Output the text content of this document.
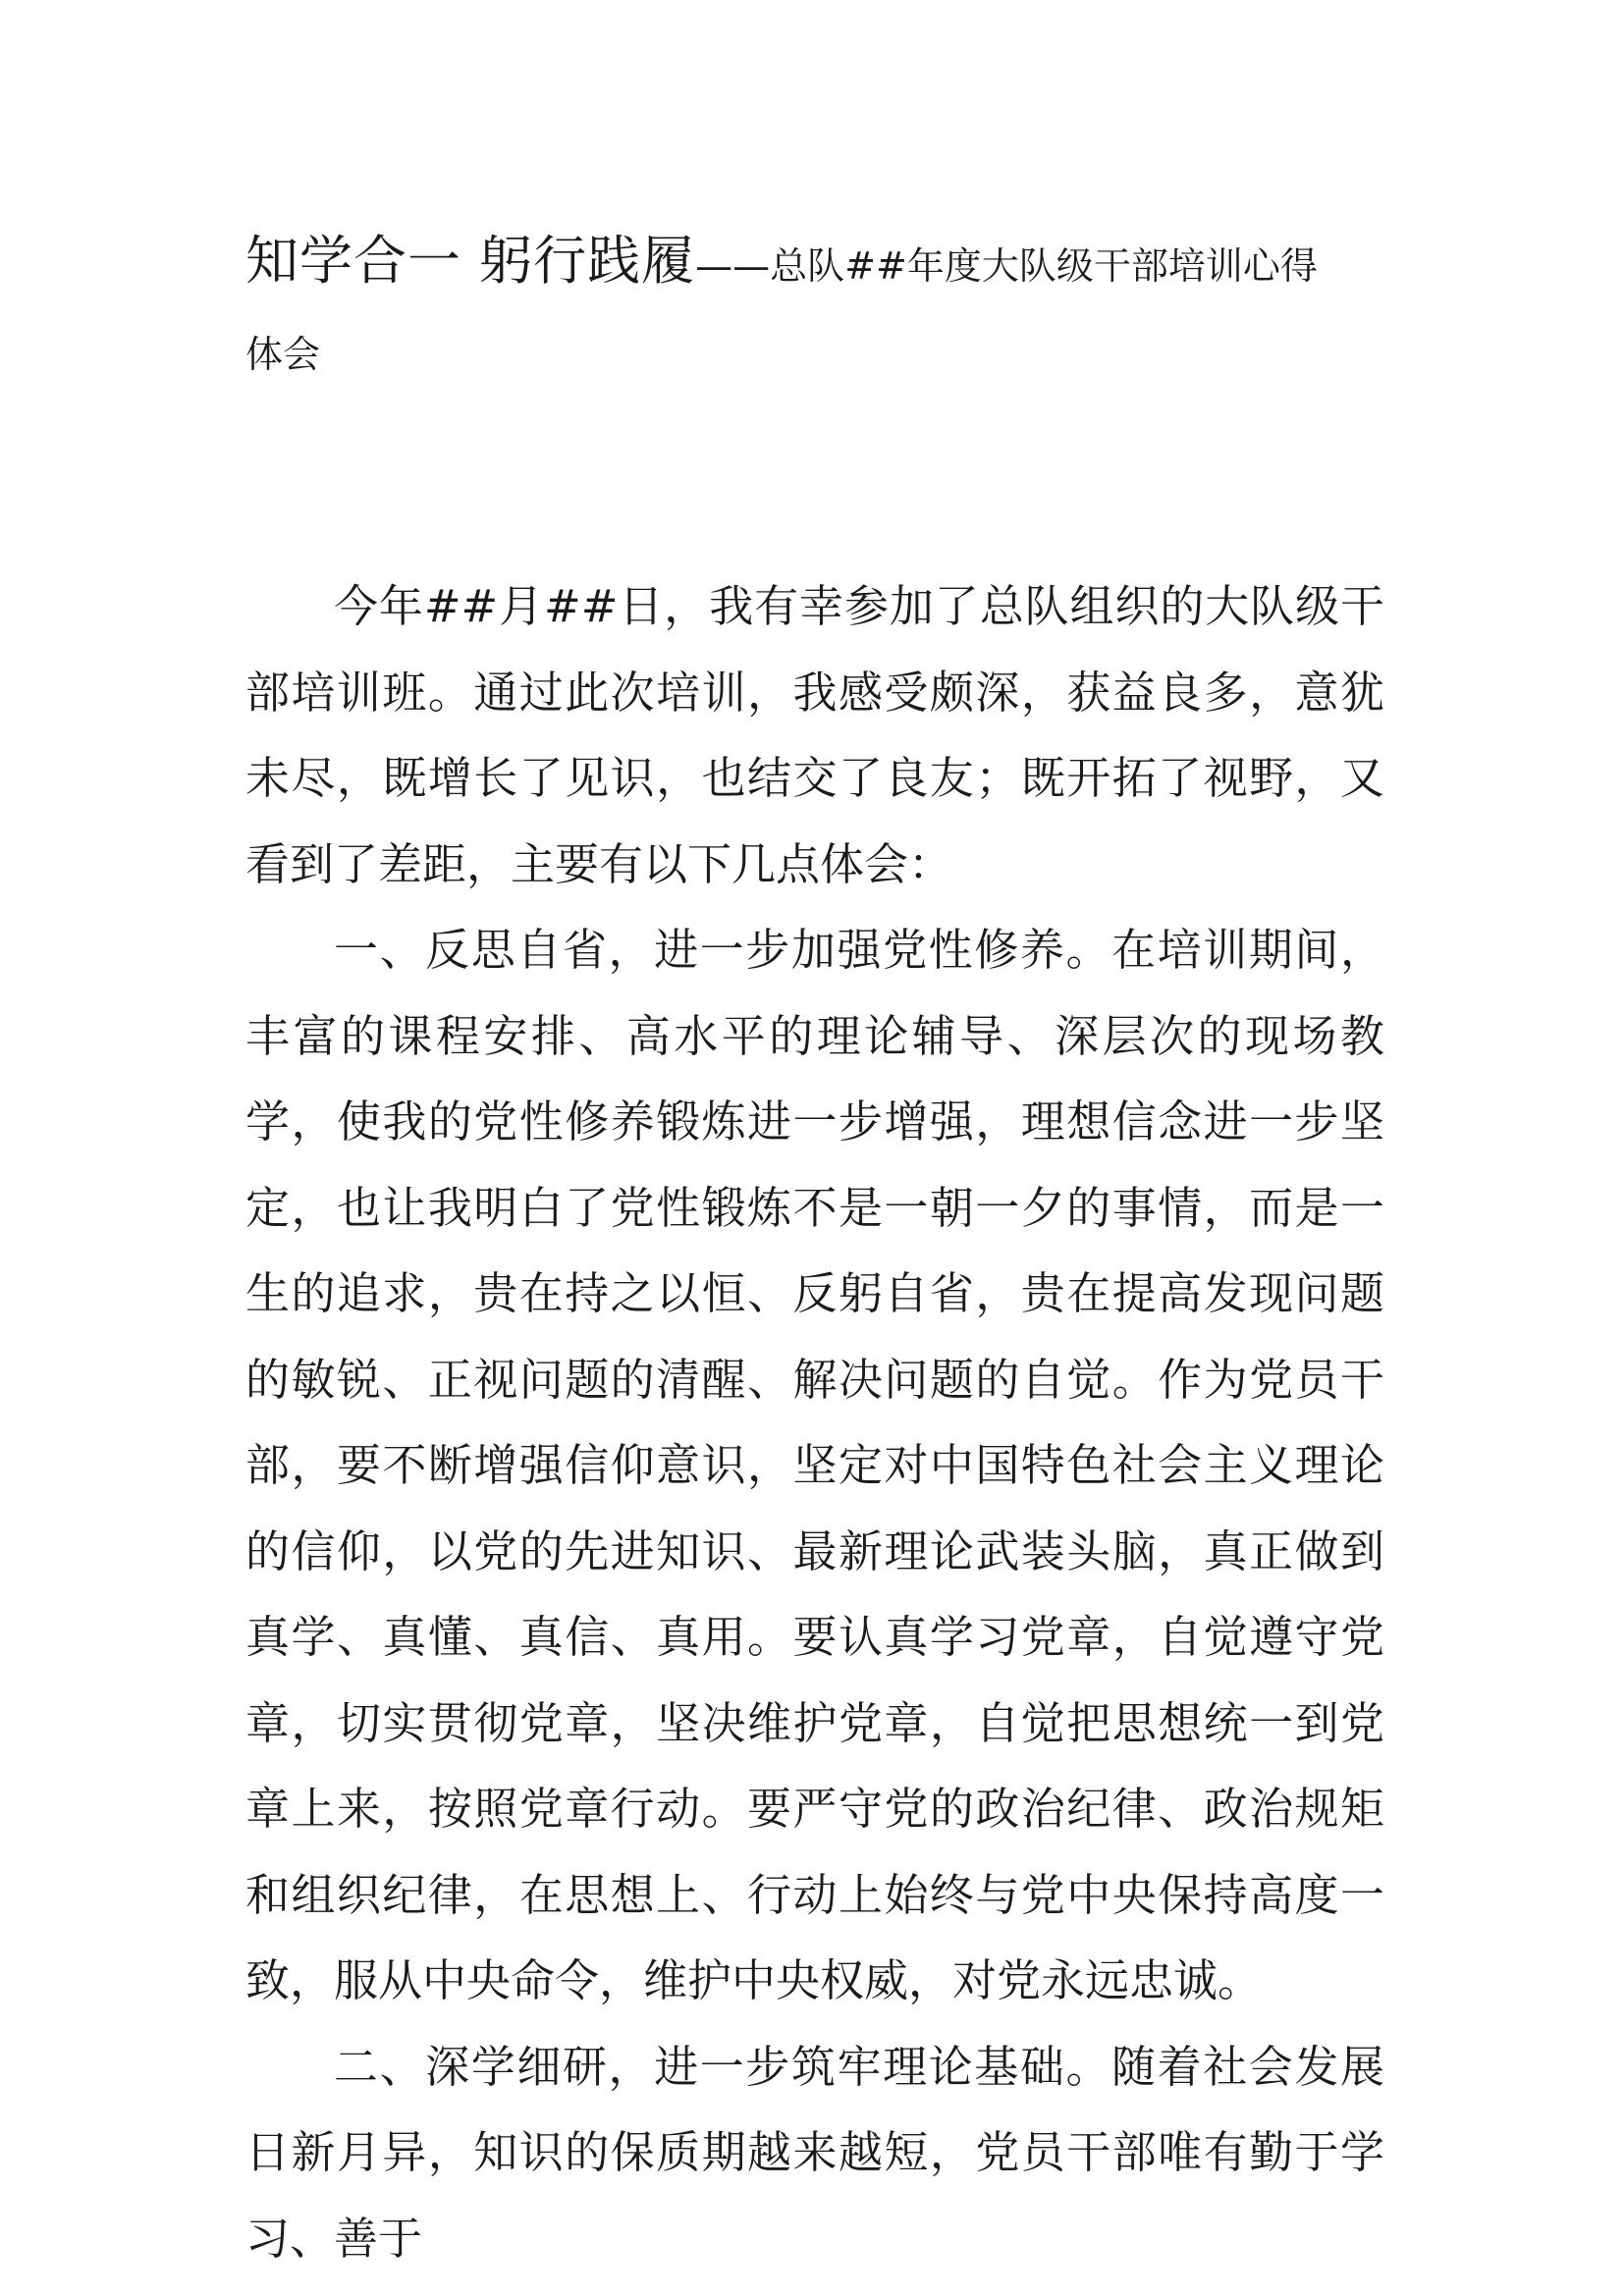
知学合一 躬行践履——总队##年度大队级干部培训心得
体会

今年##月##日，我有幸参加了总队组织的大队级干部培训班。通过此次培训，我感受颇深，获益良多，意犹未尽，既增长了见识，也结交了良友；既开拓了视野，又看到了差距，主要有以下几点体会：

一、反思自省，进一步加强党性修养。在培训期间，丰富的课程安排、高水平的理论辅导、深层次的现场教学，使我的党性修养锻炼进一步增强，理想信念进一步坚定，也让我明白了党性锻炼不是一朝一夕的事情，而是一生的追求，贵在持之以恒、反躬自省，贵在提高发现问题的敏锐、正视问题的清醒、解决问题的自觉。作为党员干部，要不断增强信仰意识，坚定对中国特色社会主义理论的信仰，以党的先进知识、最新理论武装头脑，真正做到真学、真懂、真信、真用。要认真学习党章，自觉遵守党章，切实贯彻党章，坚决维护党章，自觉把思想统一到党章上来，按照党章行动。要严守党的政治纪律、政治规矩和组织纪律，在思想上、行动上始终与党中央保持高度一致，服从中央命令，维护中央权威，对党永远忠诚。

二、深学细研，进一步筑牢理论基础。随着社会发展日新月异，知识的保质期越来越短，党员干部唯有勤于学习、善于
